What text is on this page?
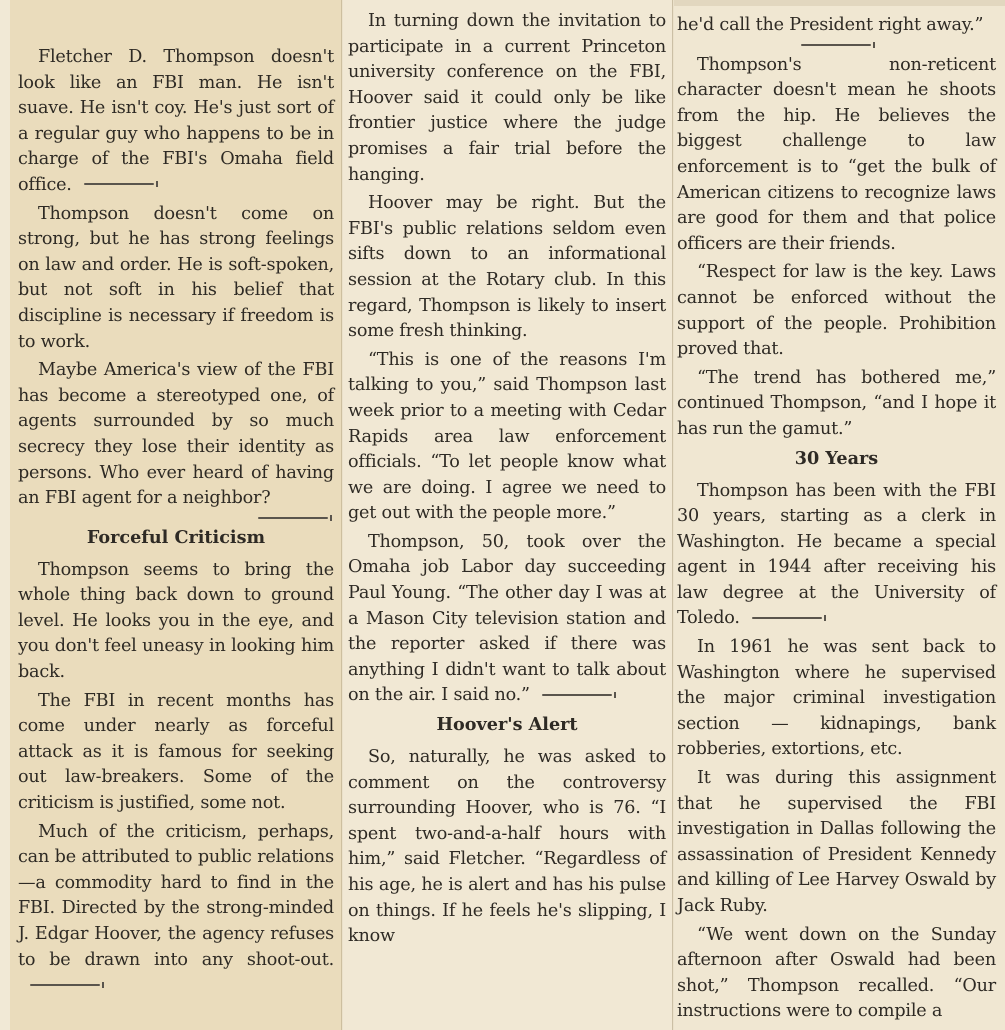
Fletcher D. Thompson doesn't look like an FBI man. He isn't suave. He isn't coy. He's just sort of a regular guy who happens to be in charge of the FBI's Omaha field office.

Thompson doesn't come on strong, but he has strong feelings on law and order. He is soft-spoken, but not soft in his belief that discipline is necessary if freedom is to work.

Maybe America's view of the FBI has become a stereotyped one, of agents surrounded by so much secrecy they lose their identity as persons. Who ever heard of having an FBI agent for a neighbor?

Forceful Criticism

Thompson seems to bring the whole thing back down to ground level. He looks you in the eye, and you don't feel uneasy in looking him back.

The FBI in recent months has come under nearly as forceful attack as it is famous for seeking out law-breakers. Some of the criticism is justified, some not.

Much of the criticism, perhaps, can be attributed to public relations—a commodity hard to find in the FBI. Directed by the strong-minded J. Edgar Hoover, the agency refuses to be drawn into any shoot-out.

In turning down the invitation to participate in a current Princeton university conference on the FBI, Hoover said it could only be like frontier justice where the judge promises a fair trial before the hanging.

Hoover may be right. But the FBI's public relations seldom even sifts down to an informational session at the Rotary club. In this regard, Thompson is likely to insert some fresh thinking.

“This is one of the reasons I'm talking to you,” said Thompson last week prior to a meeting with Cedar Rapids area law enforcement officials. “To let people know what we are doing. I agree we need to get out with the people more.”

Thompson, 50, took over the Omaha job Labor day succeeding Paul Young. “The other day I was at a Mason City television station and the reporter asked if there was anything I didn't want to talk about on the air. I said no.”

Hoover's Alert

So, naturally, he was asked to comment on the controversy surrounding Hoover, who is 76. “I spent two-and-a-half hours with him,” said Fletcher. “Regardless of his age, he is alert and has his pulse on things. If he feels he's slipping, I know

he'd call the President right away.”

Thompson's non-reticent character doesn't mean he shoots from the hip. He believes the biggest challenge to law enforcement is to “get the bulk of American citizens to recognize laws are good for them and that police officers are their friends.

“Respect for law is the key. Laws cannot be enforced without the support of the people. Prohibition proved that.

“The trend has bothered me,” continued Thompson, “and I hope it has run the gamut.”

30 Years

Thompson has been with the FBI 30 years, starting as a clerk in Washington. He became a special agent in 1944 after receiving his law degree at the University of Toledo.

In 1961 he was sent back to Washington where he supervised the major criminal investigation section — kidnapings, bank robberies, extortions, etc.

It was during this assignment that he supervised the FBI investigation in Dallas following the assassination of President Kennedy and killing of Lee Harvey Oswald by Jack Ruby.

“We went down on the Sunday afternoon after Oswald had been shot,” Thompson recalled. “Our instructions were to compile a
